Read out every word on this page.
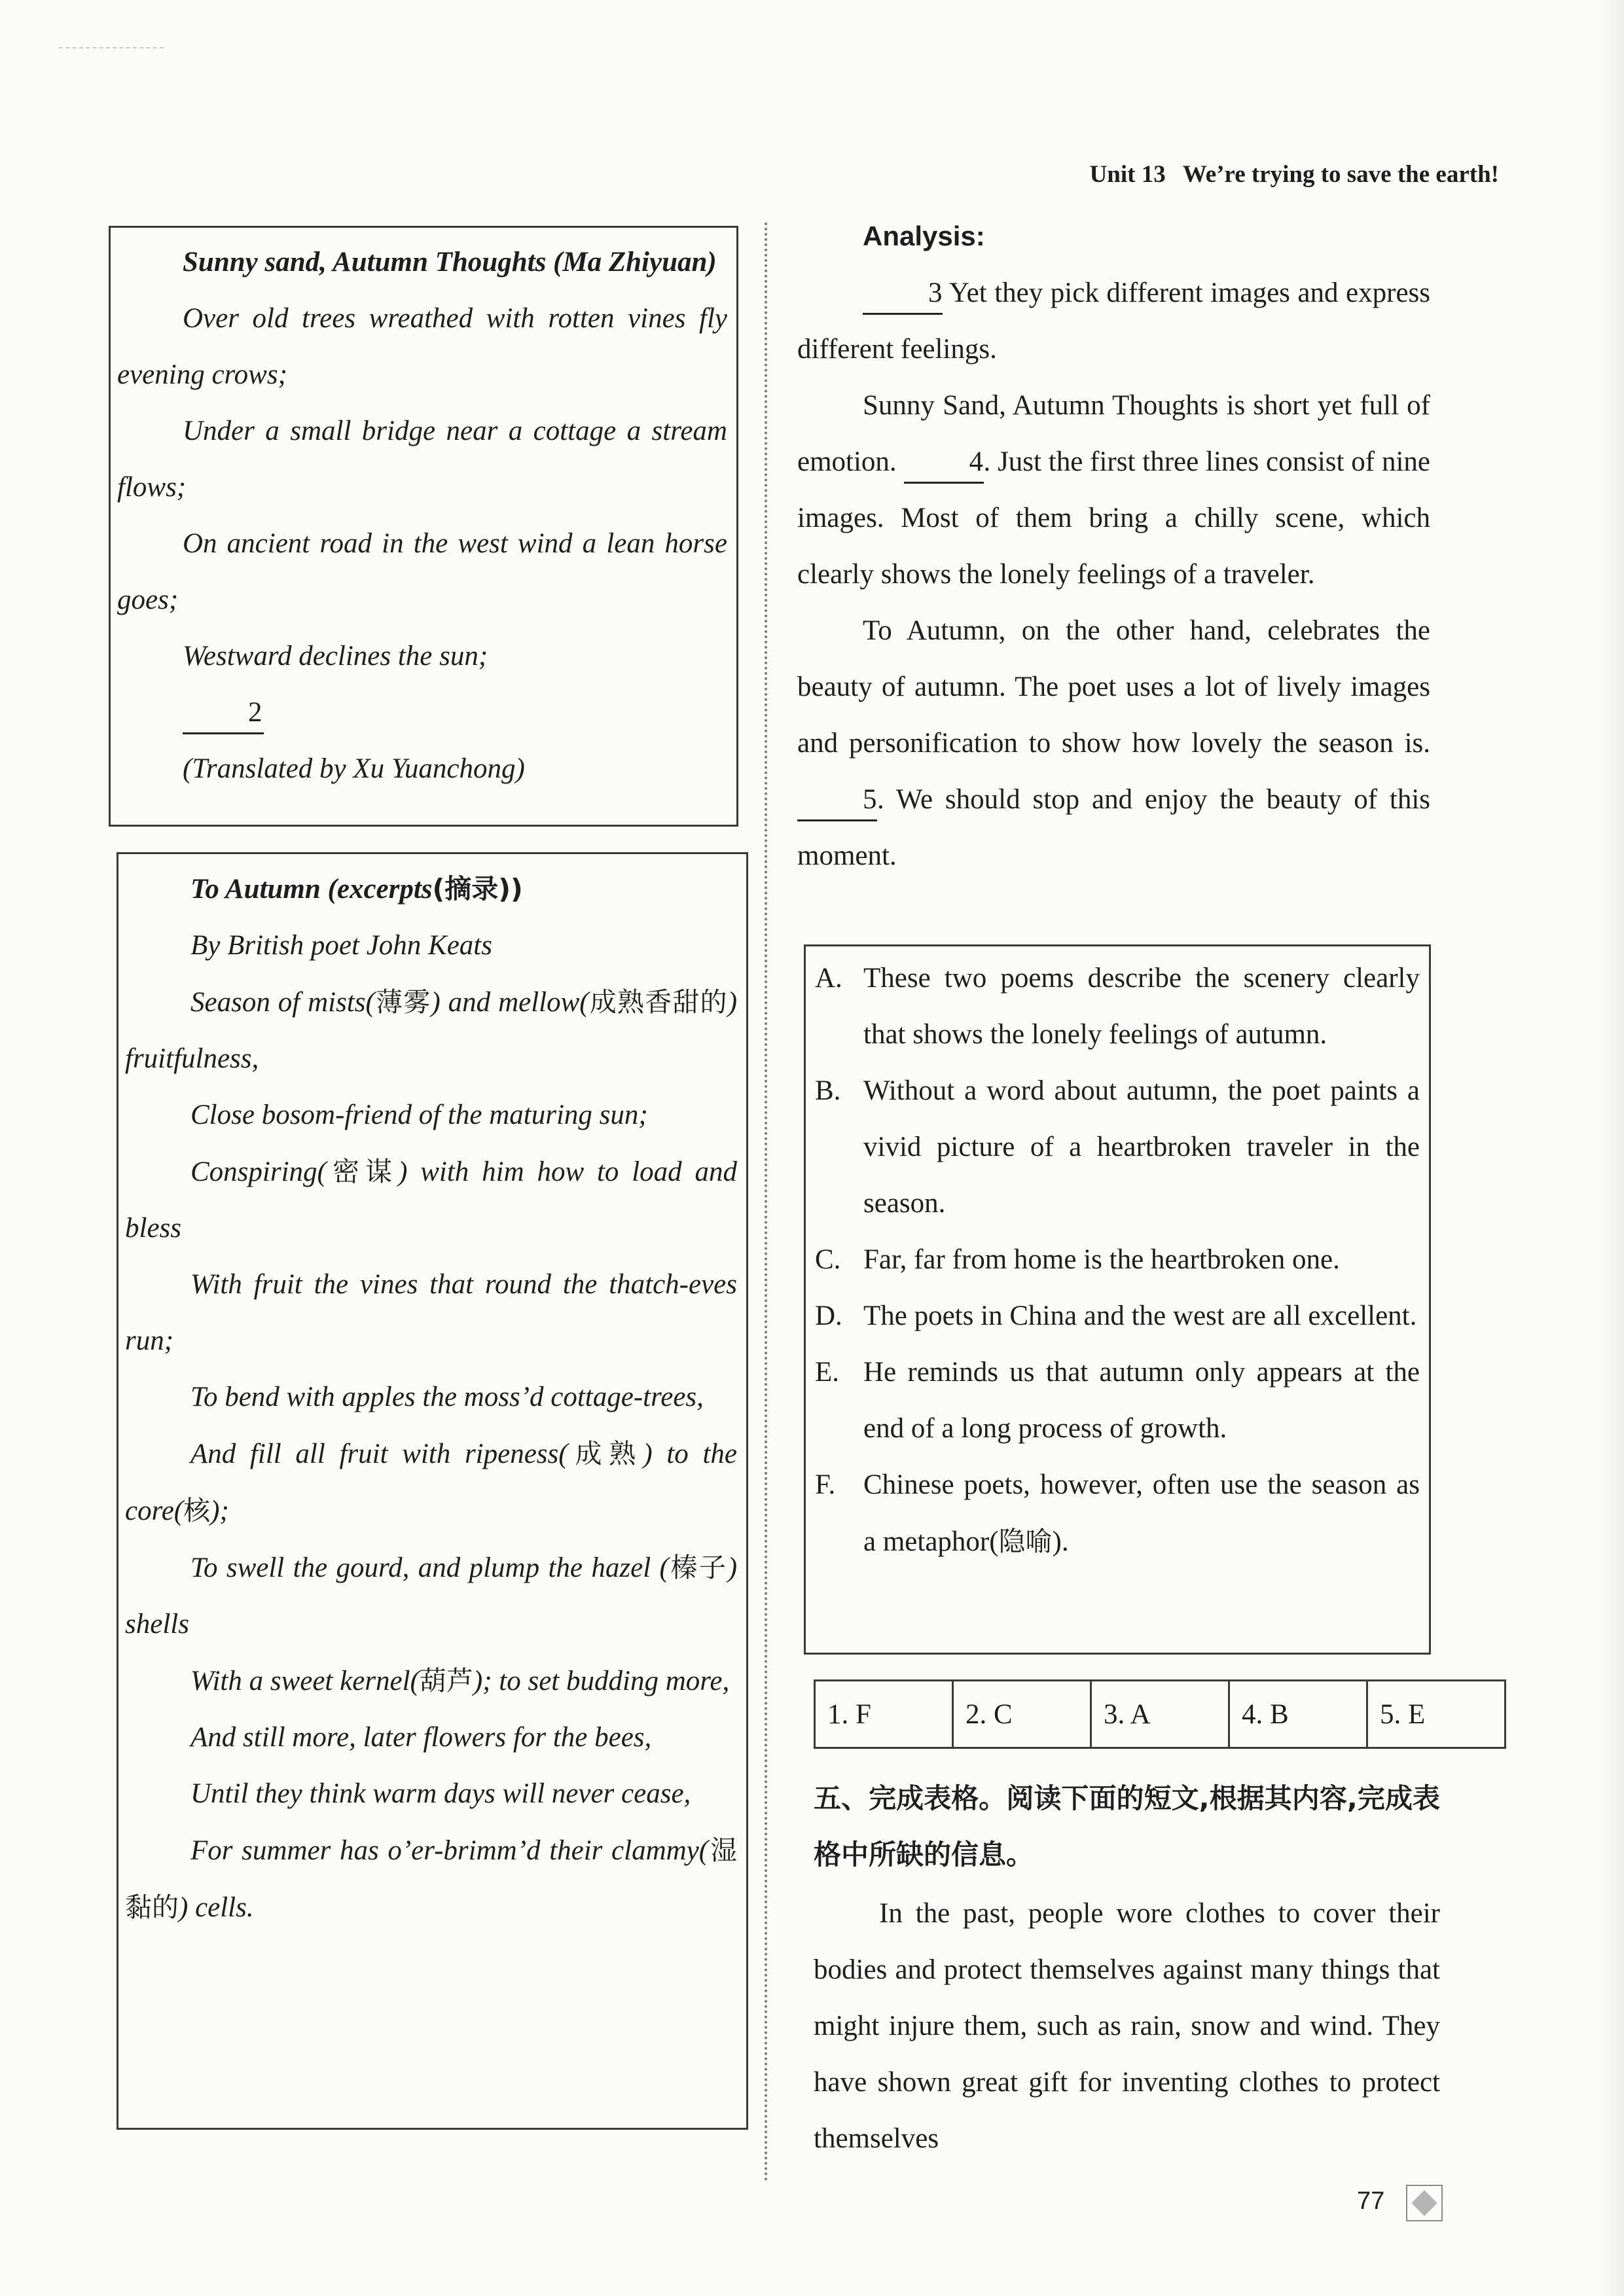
Unit 13 We’re trying to save the earth!

Sunny sand, Autumn Thoughts (Ma Zhiyuan)

Over old trees wreathed with rotten vines fly evening crows;

Under a small bridge near a cottage a stream flows;

On ancient road in the west wind a lean horse goes;

Westward declines the sun;

2

(Translated by Xu Yuanchong)

To Autumn (excerpts(摘录))

By British poet John Keats

Season of mists(薄雾) and mellow(成熟香甜的) fruitfulness,

Close bosom-friend of the maturing sun;

Conspiring(密谋) with him how to load and bless

With fruit the vines that round the thatch-eves run;

To bend with apples the moss’d cottage-trees,

And fill all fruit with ripeness(成熟) to the core(核);

To swell the gourd, and plump the hazel (榛子) shells

With a sweet kernel(葫芦); to set budding more,

And still more, later flowers for the bees,

Until they think warm days will never cease,

For summer has o’er-brimm’d their clammy(湿黏的) cells.

Analysis:

3 Yet they pick different images and express different feelings.

Sunny Sand, Autumn Thoughts is short yet full of emotion. 4. Just the first three lines consist of nine images. Most of them bring a chilly scene, which clearly shows the lonely feelings of a traveler.

To Autumn, on the other hand, celebrates the beauty of autumn. The poet uses a lot of lively images and personification to show how lovely the season is. 5. We should stop and enjoy the beauty of this moment.

A. These two poems describe the scenery clearly that shows the lonely feelings of autumn.
B. Without a word about autumn, the poet paints a vivid picture of a heartbroken traveler in the season.
C. Far, far from home is the heartbroken one.
D. The poets in China and the west are all excellent.
E. He reminds us that autumn only appears at the end of a long process of growth.
F. Chinese poets, however, often use the season as a metaphor(隐喻).
1. F	2. C	3. A	4. B	5. E
五、完成表格。阅读下面的短文,根据其内容,完成表格中所缺的信息。

In the past, people wore clothes to cover their bodies and protect themselves against many things that might injure them, such as rain, snow and wind. They have shown great gift for inventing clothes to protect themselves

77
